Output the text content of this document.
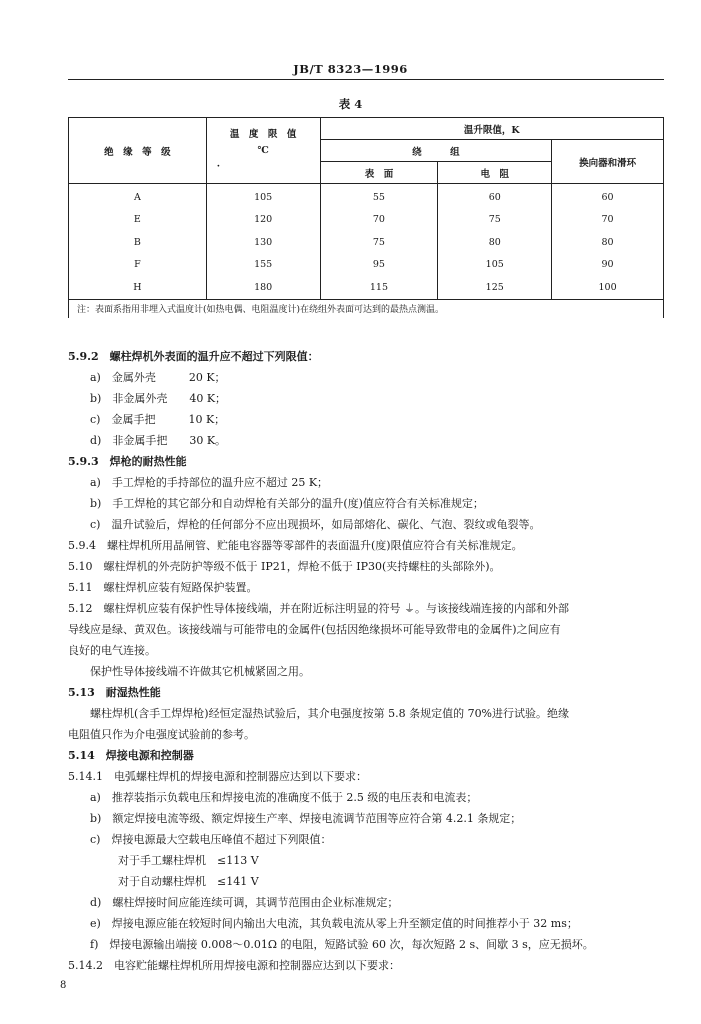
JB/T 8323—1996
表 4
绝　缘　等　级	温　度　限　值
℃
·	温升限值，K		
		绕　　　组		换向器和滑环
		表　面	电　阻	
A	105	55	60	60
E	120	70	75	70
B	130	75	80	80
F	155	95	105	90
H	180	115	125	100
注：表面系指用非埋入式温度计(如热电偶、电阻温度计)在绕组外表面可达到的最热点测温。				
5.9.2　螺柱焊机外表面的温升应不超过下列限值：
a)　金属外壳　　　20 K；
b)　非金属外壳　　40 K；
c)　金属手把　　　10 K；
d)　非金属手把　　30 K。
5.9.3　焊枪的耐热性能
a)　手工焊枪的手持部位的温升应不超过 25 K；
b)　手工焊枪的其它部分和自动焊枪有关部分的温升(度)值应符合有关标准规定；
c)　温升试验后，焊枪的任何部分不应出现损坏，如局部熔化、碳化、气泡、裂纹或龟裂等。
5.9.4　螺柱焊机所用晶闸管、贮能电容器等零部件的表面温升(度)限值应符合有关标准规定。
5.10　螺柱焊机的外壳防护等级不低于 IP21，焊枪不低于 IP30(夹持螺柱的头部除外)。
5.11　螺柱焊机应装有短路保护装置。
5.12　螺柱焊机应装有保护性导体接线端，并在附近标注明显的符号 ⏚。与该接线端连接的内部和外部
导线应是绿、黄双色。该接线端与可能带电的金属件(包括因绝缘损坏可能导致带电的金属件)之间应有
良好的电气连接。
保护性导体接线端不许做其它机械紧固之用。
5.13　耐湿热性能
螺柱焊机(含手工焊焊枪)经恒定湿热试验后，其介电强度按第 5.8 条规定值的 70%进行试验。绝缘
电阻值只作为介电强度试验前的参考。
5.14　焊接电源和控制器
5.14.1　电弧螺柱焊机的焊接电源和控制器应达到以下要求：
a)　推荐装指示负载电压和焊接电流的准确度不低于 2.5 级的电压表和电流表；
b)　额定焊接电流等级、额定焊接生产率、焊接电流调节范围等应符合第 4.2.1 条规定；
c)　焊接电源最大空载电压峰值不超过下列限值：
对于手工螺柱焊机　≤113 V
对于自动螺柱焊机　≤141 V
d)　螺柱焊接时间应能连续可调，其调节范围由企业标准规定；
e)　焊接电源应能在较短时间内输出大电流，其负载电流从零上升至额定值的时间推荐小于 32 ms；
f)　焊接电源输出端接 0.008～0.01Ω 的电阻，短路试验 60 次，每次短路 2 s、间歇 3 s，应无损坏。
5.14.2　电容贮能螺柱焊机所用焊接电源和控制器应达到以下要求：
8
